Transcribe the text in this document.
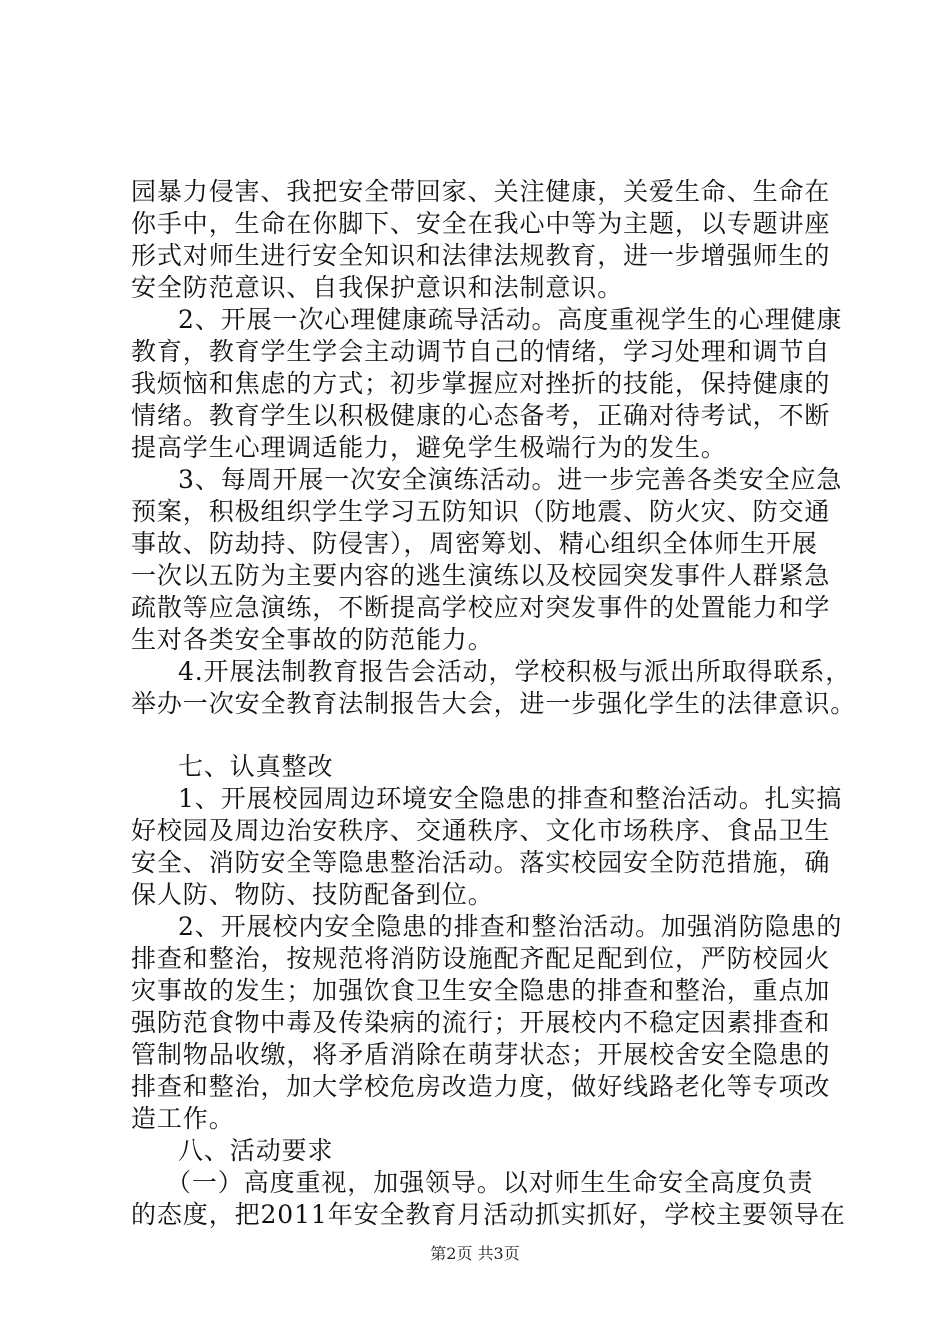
园暴力侵害、我把安全带回家、关注健康，关爱生命、生命在
你手中，生命在你脚下、安全在我心中等为主题，以专题讲座
形式对师生进行安全知识和法律法规教育，进一步增强师生的
安全防范意识、自我保护意识和法制意识。
2、开展一次心理健康疏导活动。高度重视学生的心理健康
教育，教育学生学会主动调节自己的情绪，学习处理和调节自
我烦恼和焦虑的方式；初步掌握应对挫折的技能，保持健康的
情绪。教育学生以积极健康的心态备考，正确对待考试，不断
提高学生心理调适能力，避免学生极端行为的发生。
3、每周开展一次安全演练活动。进一步完善各类安全应急
预案，积极组织学生学习五防知识（防地震、防火灾、防交通
事故、防劫持、防侵害），周密筹划、精心组织全体师生开展
一次以五防为主要内容的逃生演练以及校园突发事件人群紧急
疏散等应急演练，不断提高学校应对突发事件的处置能力和学
生对各类安全事故的防范能力。
4.开展法制教育报告会活动，学校积极与派出所取得联系，
举办一次安全教育法制报告大会，进一步强化学生的法律意识。
七、认真整改
1、开展校园周边环境安全隐患的排查和整治活动。扎实搞
好校园及周边治安秩序、交通秩序、文化市场秩序、食品卫生
安全、消防安全等隐患整治活动。落实校园安全防范措施，确
保人防、物防、技防配备到位。
2、开展校内安全隐患的排查和整治活动。加强消防隐患的
排查和整治，按规范将消防设施配齐配足配到位，严防校园火
灾事故的发生；加强饮食卫生安全隐患的排查和整治，重点加
强防范食物中毒及传染病的流行；开展校内不稳定因素排查和
管制物品收缴，将矛盾消除在萌芽状态；开展校舍安全隐患的
排查和整治，加大学校危房改造力度，做好线路老化等专项改
造工作。
八、活动要求
（一）高度重视，加强领导。以对师生生命安全高度负责
的态度，把2011年安全教育月活动抓实抓好，学校主要领导在
第2页 共3页
